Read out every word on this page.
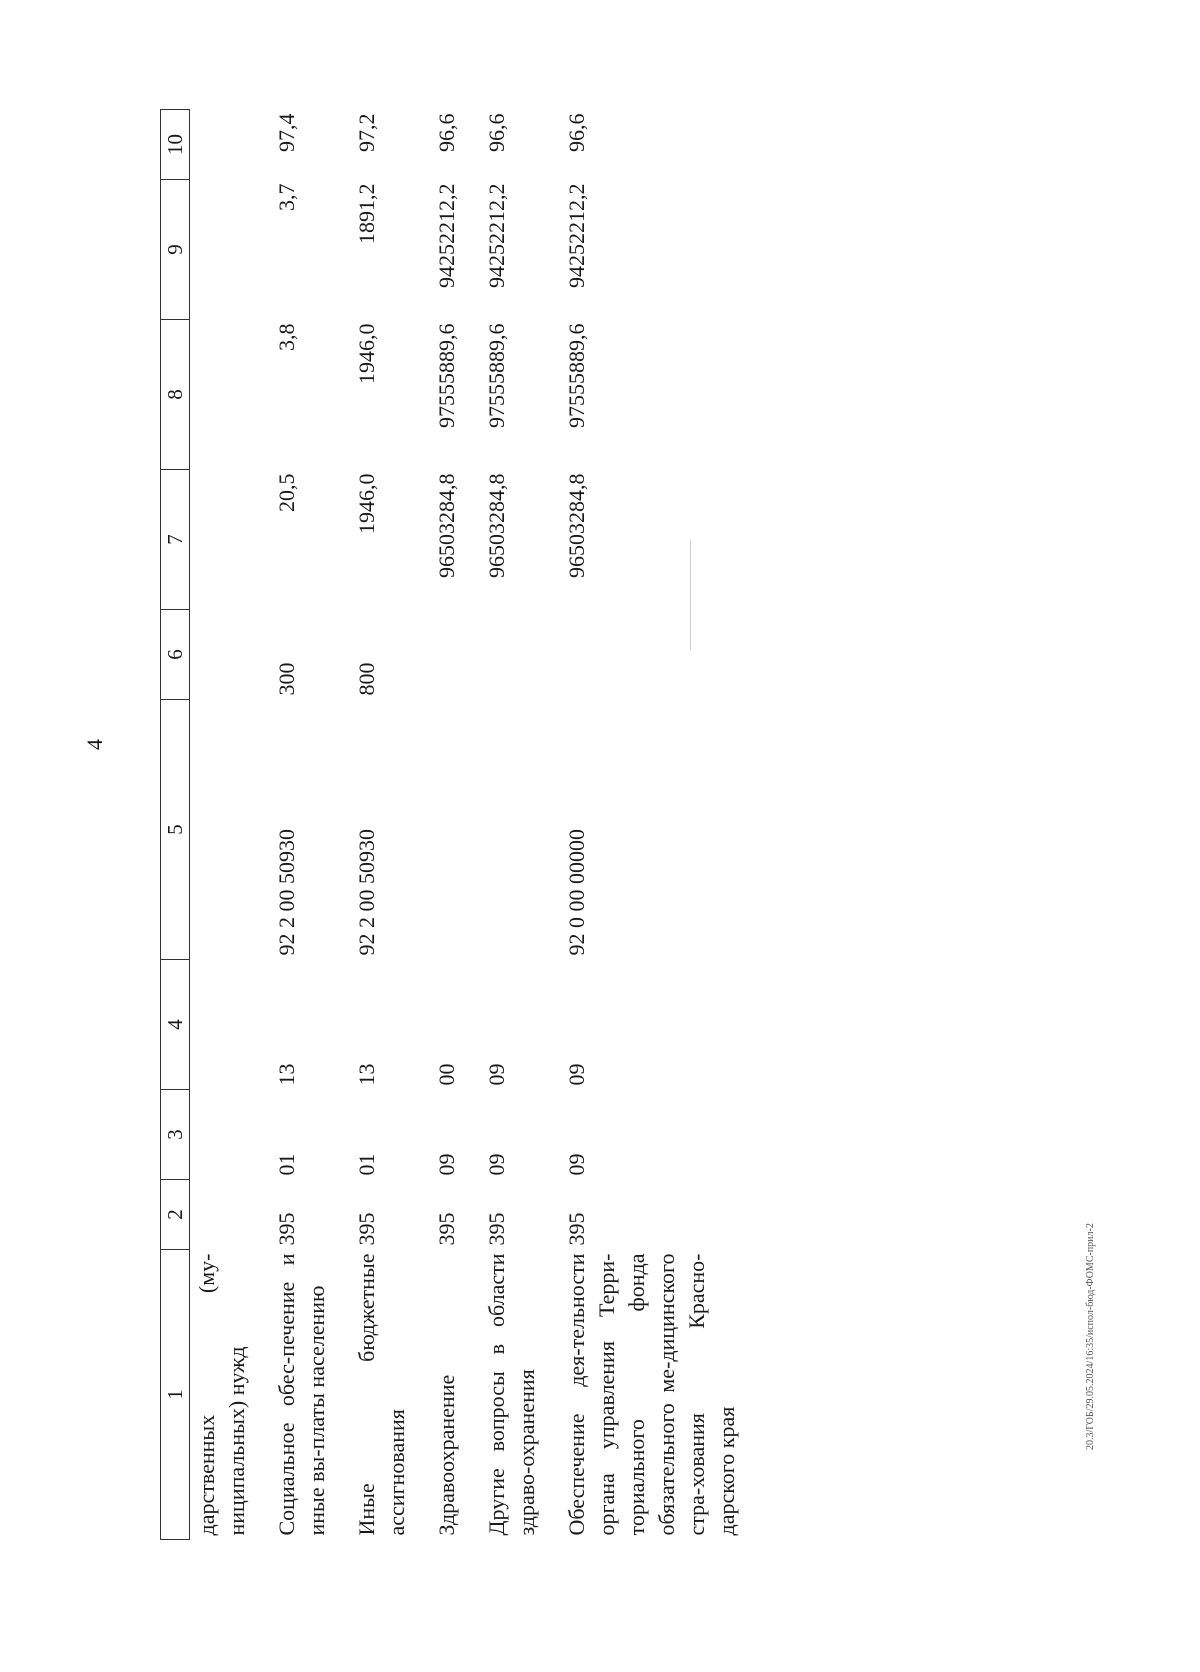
4
1	2	3	4	5	6	7	8	9	10
дарственных (му-ниципальных) нужд									
Социальное обес-печение и иные вы-платы населению	395	01	13	92 2 00 50930	300	20,5	3,8	3,7	97,4
Иные бюджетные ассигнования	395	01	13	92 2 00 50930	800	1946,0	1946,0	1891,2	97,2
Здравоохранение	395	09	00			96503284,8	97555889,6	94252212,2	96,6
Другие вопросы в области здраво-охранения	395	09	09			96503284,8	97555889,6	94252212,2	96,6
Обеспечение дея-тельности органа управления Терри-ториального фонда обязательного ме-дицинского стра-хования Красно-дарского края	395	09	09	92 0 00 00000		96503284,8	97555889,6	94252212,2	96,6
20.3/ГОБ/29.05.2024/16:35/испол-бюд-ФОМС-прил-2
